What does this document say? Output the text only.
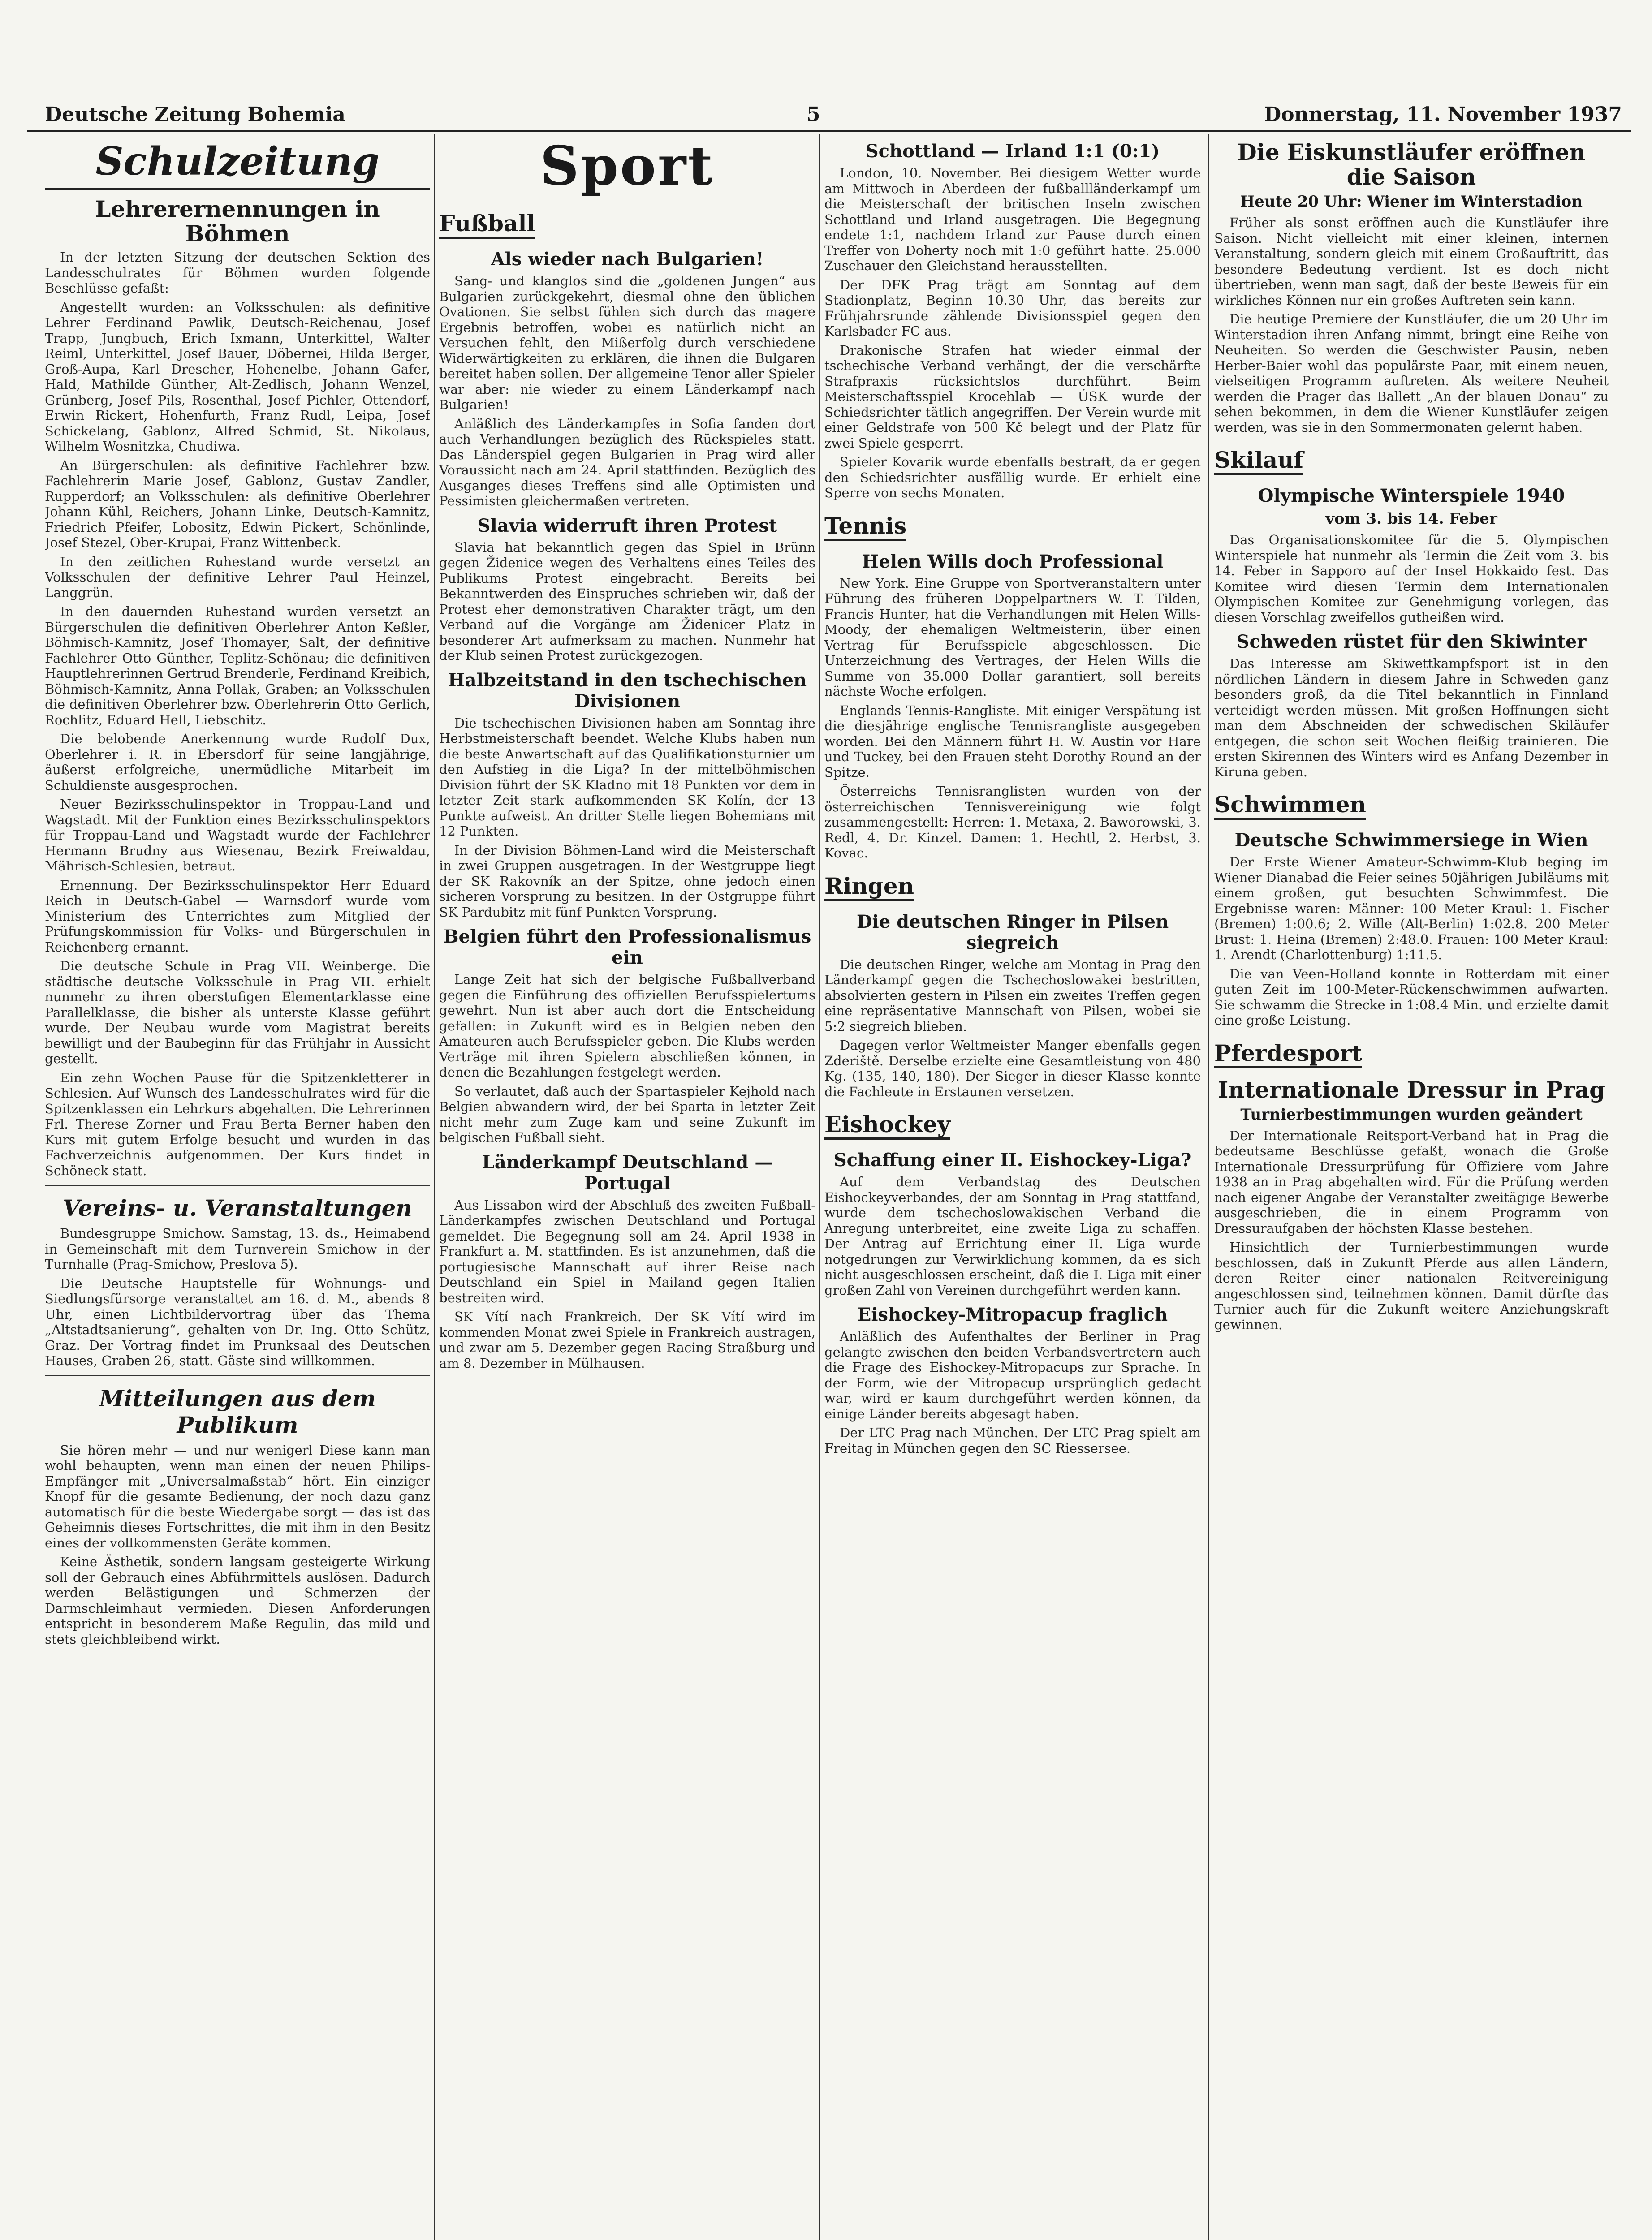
Deutsche Zeitung Bohemia	5	Donnerstag, 11. November 1937
Schulzeitung
Lehrerernennungen in Böhmen

In der letzten Sitzung der deutschen Sektion des Landesschulrates für Böhmen wurden folgende Beschlüsse gefaßt:

Angestellt wurden: an Volksschulen: als definitive Lehrer Ferdinand Pawlik, Deutsch-Reichenau, Josef Trapp, Jungbuch, Erich Ixmann, Unterkittel, Walter Reiml, Unterkittel, Josef Bauer, Döbernei, Hilda Berger, Groß-Aupa, Karl Drescher, Hohenelbe, Johann Gafer, Hald, Mathilde Günther, Alt-Zedlisch, Johann Wenzel, Grünberg, Josef Pils, Rosenthal, Josef Pichler, Ottendorf, Erwin Rickert, Hohenfurth, Franz Rudl, Leipa, Josef Schickelang, Gablonz, Alfred Schmid, St. Nikolaus, Wilhelm Wosnitzka, Chudiwa.

An Bürgerschulen: als definitive Fachlehrer bzw. Fachlehrerin Marie Josef, Gablonz, Gustav Zandler, Rupperdorf; an Volksschulen: als definitive Oberlehrer Johann Kühl, Reichers, Johann Linke, Deutsch-Kamnitz, Friedrich Pfeifer, Lobositz, Edwin Pickert, Schönlinde, Josef Stezel, Ober-Krupai, Franz Wittenbeck.

In den zeitlichen Ruhestand wurde versetzt an Volksschulen der definitive Lehrer Paul Heinzel, Langgrün.

In den dauernden Ruhestand wurden versetzt an Bürgerschulen die definitiven Oberlehrer Anton Keßler, Böhmisch-Kamnitz, Josef Thomayer, Salt, der definitive Fachlehrer Otto Günther, Teplitz-Schönau; die definitiven Hauptlehrerinnen Gertrud Brenderle, Ferdinand Kreibich, Böhmisch-Kamnitz, Anna Pollak, Graben; an Volksschulen die definitiven Oberlehrer bzw. Oberlehrerin Otto Gerlich, Rochlitz, Eduard Hell, Liebschitz.

Die belobende Anerkennung wurde Rudolf Dux, Oberlehrer i. R. in Ebersdorf für seine langjährige, äußerst erfolgreiche, unermüdliche Mitarbeit im Schuldienste ausgesprochen.

Neuer Bezirksschulinspektor in Troppau-Land und Wagstadt. Mit der Funktion eines Bezirksschulinspektors für Troppau-Land und Wagstadt wurde der Fachlehrer Hermann Brudny aus Wiesenau, Bezirk Freiwaldau, Mährisch-Schlesien, betraut.

Ernennung. Der Bezirksschulinspektor Herr Eduard Reich in Deutsch-Gabel — Warnsdorf wurde vom Ministerium des Unterrichtes zum Mitglied der Prüfungskommission für Volks- und Bürgerschulen in Reichenberg ernannt.

Die deutsche Schule in Prag VII. Weinberge. Die städtische deutsche Volksschule in Prag VII. erhielt nunmehr zu ihren oberstufigen Elementarklasse eine Parallelklasse, die bisher als unterste Klasse geführt wurde. Der Neubau wurde vom Magistrat bereits bewilligt und der Baubeginn für das Frühjahr in Aussicht gestellt.

Ein zehn Wochen Pause für die Spitzenkletterer in Schlesien. Auf Wunsch des Landesschulrates wird für die Spitzenklassen ein Lehrkurs abgehalten. Die Lehrerinnen Frl. Therese Zorner und Frau Berta Berner haben den Kurs mit gutem Erfolge besucht und wurden in das Fachverzeichnis aufgenommen. Der Kurs findet in Schöneck statt.

Vereins- u. Veranstaltungen

Bundesgruppe Smichow. Samstag, 13. ds., Heimabend in Gemeinschaft mit dem Turnverein Smichow in der Turnhalle (Prag-Smichow, Preslova 5).

Die Deutsche Hauptstelle für Wohnungs- und Siedlungsfürsorge veranstaltet am 16. d. M., abends 8 Uhr, einen Lichtbildervortrag über das Thema „Altstadtsanierung“, gehalten von Dr. Ing. Otto Schütz, Graz. Der Vortrag findet im Prunksaal des Deutschen Hauses, Graben 26, statt. Gäste sind willkommen.

Mitteilungen aus dem Publikum

Sie hören mehr — und nur wenigerl Diese kann man wohl behaupten, wenn man einen der neuen Philips-Empfänger mit „Universalmaßstab“ hört. Ein einziger Knopf für die gesamte Bedienung, der noch dazu ganz automatisch für die beste Wiedergabe sorgt — das ist das Geheimnis dieses Fortschrittes, die mit ihm in den Besitz eines der vollkommensten Geräte kommen.

Keine Ästhetik, sondern langsam gesteigerte Wirkung soll der Gebrauch eines Abführmittels auslösen. Dadurch werden Belästigungen und Schmerzen der Darmschleimhaut vermieden. Diesen Anforderungen entspricht in besonderem Maße Regulin, das mild und stets gleichbleibend wirkt.

Sport
Fußball
Als wieder nach Bulgarien!

Sang- und klanglos sind die „goldenen Jungen“ aus Bulgarien zurückgekehrt, diesmal ohne den üblichen Ovationen. Sie selbst fühlen sich durch das magere Ergebnis betroffen, wobei es natürlich nicht an Versuchen fehlt, den Mißerfolg durch verschiedene Widerwärtigkeiten zu erklären, die ihnen die Bulgaren bereitet haben sollen. Der allgemeine Tenor aller Spieler war aber: nie wieder zu einem Länderkampf nach Bulgarien!

Anläßlich des Länderkampfes in Sofia fanden dort auch Verhandlungen bezüglich des Rückspieles statt. Das Länderspiel gegen Bulgarien in Prag wird aller Voraussicht nach am 24. April stattfinden. Bezüglich des Ausganges dieses Treffens sind alle Optimisten und Pessimisten gleichermaßen vertreten.

Slavia widerruft ihren Protest

Slavia hat bekanntlich gegen das Spiel in Brünn gegen Židenice wegen des Verhaltens eines Teiles des Publikums Protest eingebracht. Bereits bei Bekanntwerden des Einspruches schrieben wir, daß der Protest eher demonstrativen Charakter trägt, um den Verband auf die Vorgänge am Židenicer Platz in besonderer Art aufmerksam zu machen. Nunmehr hat der Klub seinen Protest zurückgezogen.

Halbzeitstand in den tschechischen Divisionen

Die tschechischen Divisionen haben am Sonntag ihre Herbstmeisterschaft beendet. Welche Klubs haben nun die beste Anwartschaft auf das Qualifikationsturnier um den Aufstieg in die Liga? In der mittelböhmischen Division führt der SK Kladno mit 18 Punkten vor dem in letzter Zeit stark aufkommenden SK Kolín, der 13 Punkte aufweist. An dritter Stelle liegen Bohemians mit 12 Punkten.

In der Division Böhmen-Land wird die Meisterschaft in zwei Gruppen ausgetragen. In der Westgruppe liegt der SK Rakovník an der Spitze, ohne jedoch einen sicheren Vorsprung zu besitzen. In der Ostgruppe führt SK Pardubitz mit fünf Punkten Vorsprung.

Belgien führt den Professionalismus ein

Lange Zeit hat sich der belgische Fußballverband gegen die Einführung des offiziellen Berufsspielertums gewehrt. Nun ist aber auch dort die Entscheidung gefallen: in Zukunft wird es in Belgien neben den Amateuren auch Berufsspieler geben. Die Klubs werden Verträge mit ihren Spielern abschließen können, in denen die Bezahlungen festgelegt werden.

So verlautet, daß auch der Spartaspieler Kejhold nach Belgien abwandern wird, der bei Sparta in letzter Zeit nicht mehr zum Zuge kam und seine Zukunft im belgischen Fußball sieht.

Länderkampf Deutschland — Portugal

Aus Lissabon wird der Abschluß des zweiten Fußball-Länderkampfes zwischen Deutschland und Portugal gemeldet. Die Begegnung soll am 24. April 1938 in Frankfurt a. M. stattfinden. Es ist anzunehmen, daß die portugiesische Mannschaft auf ihrer Reise nach Deutschland ein Spiel in Mailand gegen Italien bestreiten wird.

SK Vítí nach Frankreich. Der SK Vítí wird im kommenden Monat zwei Spiele in Frankreich austragen, und zwar am 5. Dezember gegen Racing Straßburg und am 8. Dezember in Mülhausen.

Schottland — Irland 1:1 (0:1)

London, 10. November. Bei diesigem Wetter wurde am Mittwoch in Aberdeen der fußballländerkampf um die Meisterschaft der britischen Inseln zwischen Schottland und Irland ausgetragen. Die Begegnung endete 1:1, nachdem Irland zur Pause durch einen Treffer von Doherty noch mit 1:0 geführt hatte. 25.000 Zuschauer den Gleichstand herausstellten.

Der DFK Prag trägt am Sonntag auf dem Stadionplatz, Beginn 10.30 Uhr, das bereits zur Frühjahrsrunde zählende Divisionsspiel gegen den Karlsbader FC aus.

Drakonische Strafen hat wieder einmal der tschechische Verband verhängt, der die verschärfte Strafpraxis rücksichtslos durchführt. Beim Meisterschaftsspiel Krocehlab — ÚSK wurde der Schiedsrichter tätlich angegriffen. Der Verein wurde mit einer Geldstrafe von 500 Kč belegt und der Platz für zwei Spiele gesperrt.

Spieler Kovarik wurde ebenfalls bestraft, da er gegen den Schiedsrichter ausfällig wurde. Er erhielt eine Sperre von sechs Monaten.

Tennis
Helen Wills doch Professional

New York. Eine Gruppe von Sportveranstaltern unter Führung des früheren Doppelpartners W. T. Tilden, Francis Hunter, hat die Verhandlungen mit Helen Wills-Moody, der ehemaligen Weltmeisterin, über einen Vertrag für Berufsspiele abgeschlossen. Die Unterzeichnung des Vertrages, der Helen Wills die Summe von 35.000 Dollar garantiert, soll bereits nächste Woche erfolgen.

Englands Tennis-Rangliste. Mit einiger Verspätung ist die diesjährige englische Tennisrangliste ausgegeben worden. Bei den Männern führt H. W. Austin vor Hare und Tuckey, bei den Frauen steht Dorothy Round an der Spitze.

Österreichs Tennisranglisten wurden von der österreichischen Tennisvereinigung wie folgt zusammengestellt: Herren: 1. Metaxa, 2. Baworowski, 3. Redl, 4. Dr. Kinzel. Damen: 1. Hechtl, 2. Herbst, 3. Kovac.

Ringen
Die deutschen Ringer in Pilsen siegreich

Die deutschen Ringer, welche am Montag in Prag den Länderkampf gegen die Tschechoslowakei bestritten, absolvierten gestern in Pilsen ein zweites Treffen gegen eine repräsentative Mannschaft von Pilsen, wobei sie 5:2 siegreich blieben.

Dagegen verlor Weltmeister Manger ebenfalls gegen Zderiště. Derselbe erzielte eine Gesamtleistung von 480 Kg. (135, 140, 180). Der Sieger in dieser Klasse konnte die Fachleute in Erstaunen versetzen.

Eishockey
Schaffung einer II. Eishockey-Liga?

Auf dem Verbandstag des Deutschen Eishockeyverbandes, der am Sonntag in Prag stattfand, wurde dem tschechoslowakischen Verband die Anregung unterbreitet, eine zweite Liga zu schaffen. Der Antrag auf Errichtung einer II. Liga wurde notgedrungen zur Verwirklichung kommen, da es sich nicht ausgeschlossen erscheint, daß die I. Liga mit einer großen Zahl von Vereinen durchgeführt werden kann.

Eishockey-Mitropacup fraglich

Anläßlich des Aufenthaltes der Berliner in Prag gelangte zwischen den beiden Verbandsvertretern auch die Frage des Eishockey-Mitropacups zur Sprache. In der Form, wie der Mitropacup ursprünglich gedacht war, wird er kaum durchgeführt werden können, da einige Länder bereits abgesagt haben.

Der LTC Prag nach München. Der LTC Prag spielt am Freitag in München gegen den SC Riessersee.

Die Eiskunstläufer eröffnen die Saison
Heute 20 Uhr: Wiener im Winterstadion

Früher als sonst eröffnen auch die Kunstläufer ihre Saison. Nicht vielleicht mit einer kleinen, internen Veranstaltung, sondern gleich mit einem Großauftritt, das besondere Bedeutung verdient. Ist es doch nicht übertrieben, wenn man sagt, daß der beste Beweis für ein wirkliches Können nur ein großes Auftreten sein kann.

Die heutige Premiere der Kunstläufer, die um 20 Uhr im Winterstadion ihren Anfang nimmt, bringt eine Reihe von Neuheiten. So werden die Geschwister Pausin, neben Herber-Baier wohl das populärste Paar, mit einem neuen, vielseitigen Programm auftreten. Als weitere Neuheit werden die Prager das Ballett „An der blauen Donau“ zu sehen bekommen, in dem die Wiener Kunstläufer zeigen werden, was sie in den Sommermonaten gelernt haben.

Skilauf
Olympische Winterspiele 1940
vom 3. bis 14. Feber

Das Organisationskomitee für die 5. Olympischen Winterspiele hat nunmehr als Termin die Zeit vom 3. bis 14. Feber in Sapporo auf der Insel Hokkaido fest. Das Komitee wird diesen Termin dem Internationalen Olympischen Komitee zur Genehmigung vorlegen, das diesen Vorschlag zweifellos gutheißen wird.

Schweden rüstet für den Skiwinter

Das Interesse am Skiwettkampfsport ist in den nördlichen Ländern in diesem Jahre in Schweden ganz besonders groß, da die Titel bekanntlich in Finnland verteidigt werden müssen. Mit großen Hoffnungen sieht man dem Abschneiden der schwedischen Skiläufer entgegen, die schon seit Wochen fleißig trainieren. Die ersten Skirennen des Winters wird es Anfang Dezember in Kiruna geben.

Schwimmen
Deutsche Schwimmersiege in Wien

Der Erste Wiener Amateur-Schwimm-Klub beging im Wiener Dianabad die Feier seines 50jährigen Jubiläums mit einem großen, gut besuchten Schwimmfest. Die Ergebnisse waren: Männer: 100 Meter Kraul: 1. Fischer (Bremen) 1:00.6; 2. Wille (Alt-Berlin) 1:02.8. 200 Meter Brust: 1. Heina (Bremen) 2:48.0. Frauen: 100 Meter Kraul: 1. Arendt (Charlottenburg) 1:11.5.

Die van Veen-Holland konnte in Rotterdam mit einer guten Zeit im 100-Meter-Rückenschwimmen aufwarten. Sie schwamm die Strecke in 1:08.4 Min. und erzielte damit eine große Leistung.

Pferdesport
Internationale Dressur in Prag
Turnierbestimmungen wurden geändert

Der Internationale Reitsport-Verband hat in Prag die bedeutsame Beschlüsse gefaßt, wonach die Große Internationale Dressurprüfung für Offiziere vom Jahre 1938 an in Prag abgehalten wird. Für die Prüfung werden nach eigener Angabe der Veranstalter zweitägige Bewerbe ausgeschrieben, die in einem Programm von Dressuraufgaben der höchsten Klasse bestehen.

Hinsichtlich der Turnierbestimmungen wurde beschlossen, daß in Zukunft Pferde aus allen Ländern, deren Reiter einer nationalen Reitvereinigung angeschlossen sind, teilnehmen können. Damit dürfte das Turnier auch für die Zukunft weitere Anziehungskraft gewinnen.
